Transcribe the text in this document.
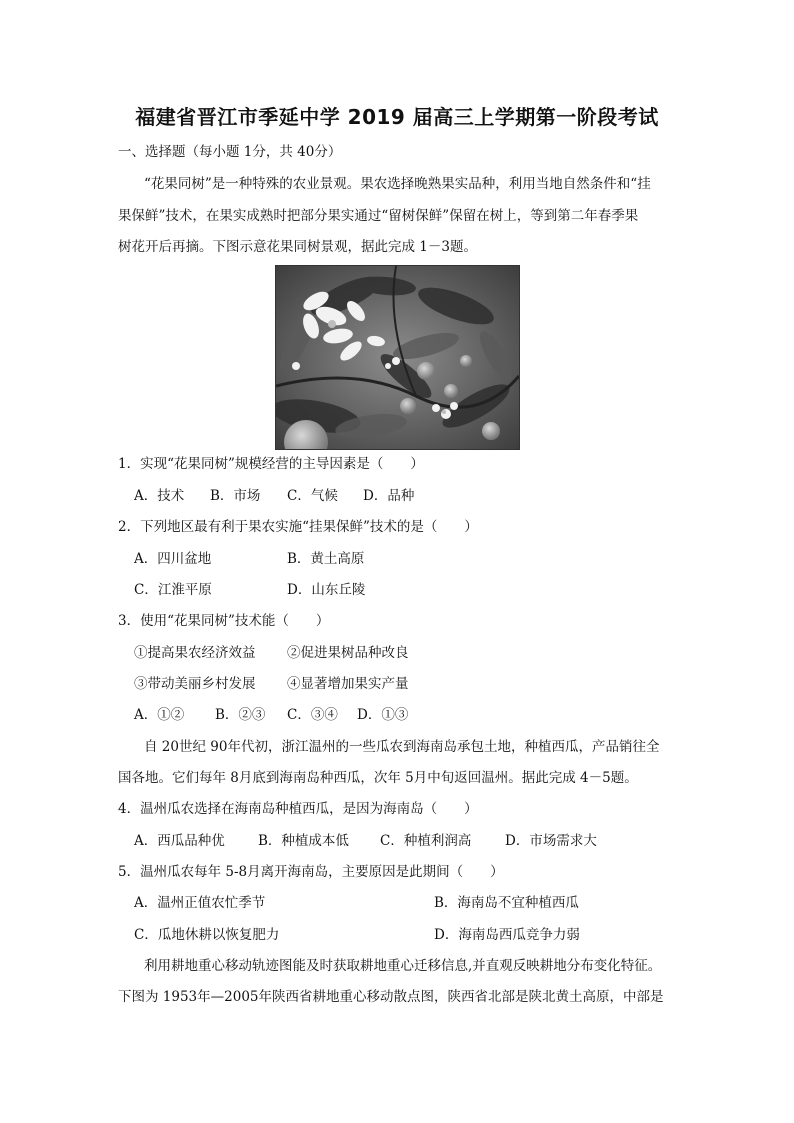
福建省晋江市季延中学 2019 届高三上学期第一阶段考试
一、选择题（每小题 1分，共 40分）
“花果同树”是一种特殊的农业景观。果农选择晚熟果实品种，利用当地自然条件和“挂
果保鲜”技术，在果实成熟时把部分果实通过“留树保鲜”保留在树上，等到第二年春季果
树花开后再摘。下图示意花果同树景观，据此完成 1－3题。
1．实现“花果同树”规模经营的主导因素是（　　）
A．技术 B．市场 C．气候 D．品种
2．下列地区最有利于果农实施“挂果保鲜”技术的是（　　）
A．四川盆地	B．黄土高原
C．江淮平原	D．山东丘陵
3．使用“花果同树”技术能（　　）
①提高果农经济效益 ②促进果树品种改良
③带动美丽乡村发展 ④显著增加果实产量
A．①② B．②③ C．③④ D．①③
自 20世纪 90年代初，浙江温州的一些瓜农到海南岛承包土地，种植西瓜，产品销往全
国各地。它们每年 8月底到海南岛种西瓜，次年 5月中旬返回温州。据此完成 4－5题。
4．温州瓜农选择在海南岛种植西瓜，是因为海南岛（　　）
A．西瓜品种优 B．种植成本低 C．种植利润高 D．市场需求大
5．温州瓜农每年 5-8月离开海南岛，主要原因是此期间（　　）
A．温州正值农忙季节	B．海南岛不宜种植西瓜
C．瓜地休耕以恢复肥力	D．海南岛西瓜竞争力弱
利用耕地重心移动轨迹图能及时获取耕地重心迁移信息,并直观反映耕地分布变化特征。
下图为 1953年—2005年陕西省耕地重心移动散点图，陕西省北部是陕北黄土高原，中部是
